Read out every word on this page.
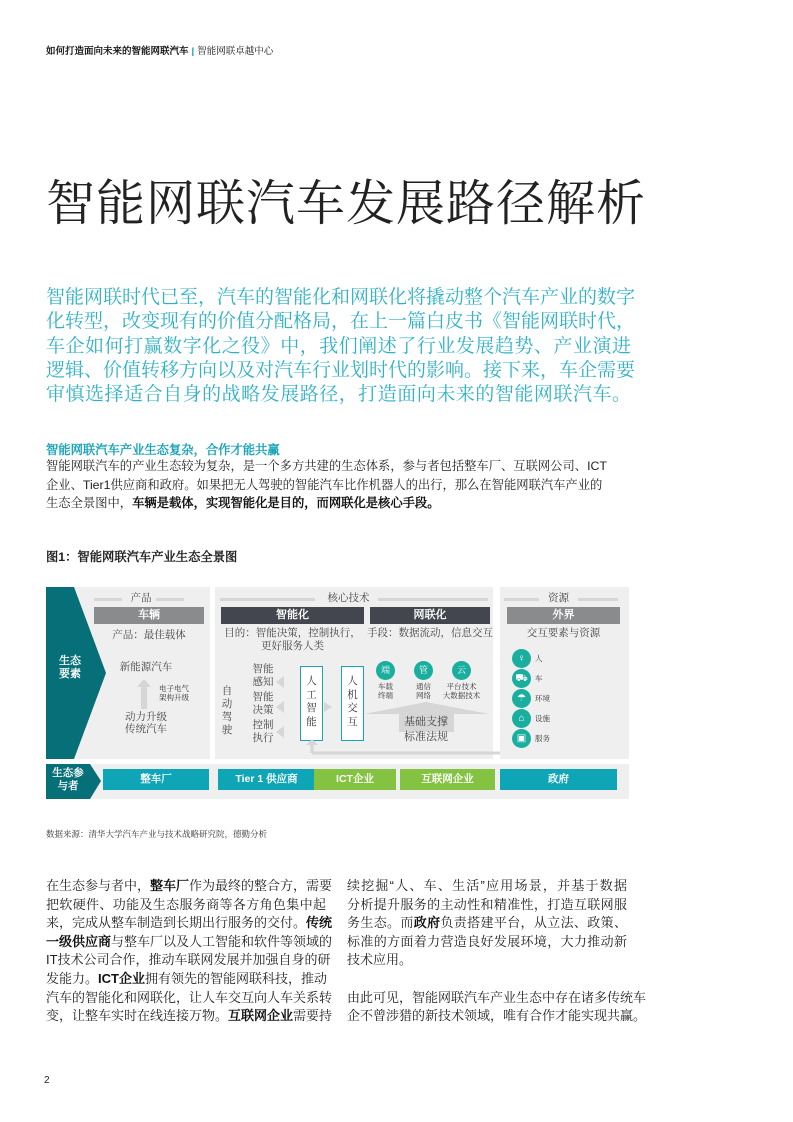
如何打造面向未来的智能网联汽车 | 智能网联卓越中心
智能网联汽车发展路径解析
智能网联时代已至，汽车的智能化和网联化将撬动整个汽车产业的数字
化转型，改变现有的价值分配格局，在上一篇白皮书《智能网联时代，
车企如何打赢数字化之役》中，我们阐述了行业发展趋势、产业演进
逻辑、价值转移方向以及对汽车行业划时代的影响。接下来，车企需要
审慎选择适合自身的战略发展路径，打造面向未来的智能网联汽车。
智能网联汽车产业生态复杂，合作才能共赢
智能网联汽车的产业生态较为复杂，是一个多方共建的生态体系，参与者包括整车厂、互联网公司、ICT
企业、Tier1供应商和政府。如果把无人驾驶的智能汽车比作机器人的出行，那么在智能网联汽车产业的
生态全景图中，车辆是载体，实现智能化是目的，而网联化是核心手段。
图1：智能网联汽车产业生态全景图
生态
要素
产品
车辆
产品：最佳载体
新能源汽车
电子电气
架构升级
动力升级
传统汽车
核心技术
智能化	网联化
目的：智能决策，控制执行，
更好服务人类
手段：数据流动，信息交互
自
动
驾
驶
智能
感知
智能
决策
控制
执行
人
工
智
能
人
机
交
互
端
车载
终端
管
通信
网络
云
平台技术
大数据技术
基础支撑
标准法规
资源
外界
交互要素与资源
♀	人
⛟ 车
☂	环境
⌂	设施
▣	服务
生态参
与者
整车厂	Tier 1 供应商	ICT企业	互联网企业	政府
数据来源：清华大学汽车产业与技术战略研究院，德勤分析
在生态参与者中，整车厂作为最终的整合方，需要
把软硬件、功能及生态服务商等各方角色集中起
来，完成从整车制造到长期出行服务的交付。传统
一级供应商与整车厂以及人工智能和软件等领域的
IT技术公司合作，推动车联网发展并加强自身的研
发能力。ICT企业拥有领先的智能网联科技，推动
汽车的智能化和网联化，让人车交互向人车关系转
变，让整车实时在线连接万物。互联网企业需要持
续挖掘“人、车、生活”应用场景，并基于数据
分析提升服务的主动性和精准性，打造互联网服
务生态。而政府负责搭建平台，从立法、政策、
标准的方面着力营造良好发展环境，大力推动新
技术应用。

由此可见，智能网联汽车产业生态中存在诸多传统车
企不曾涉猎的新技术领域，唯有合作才能实现共赢。
2
